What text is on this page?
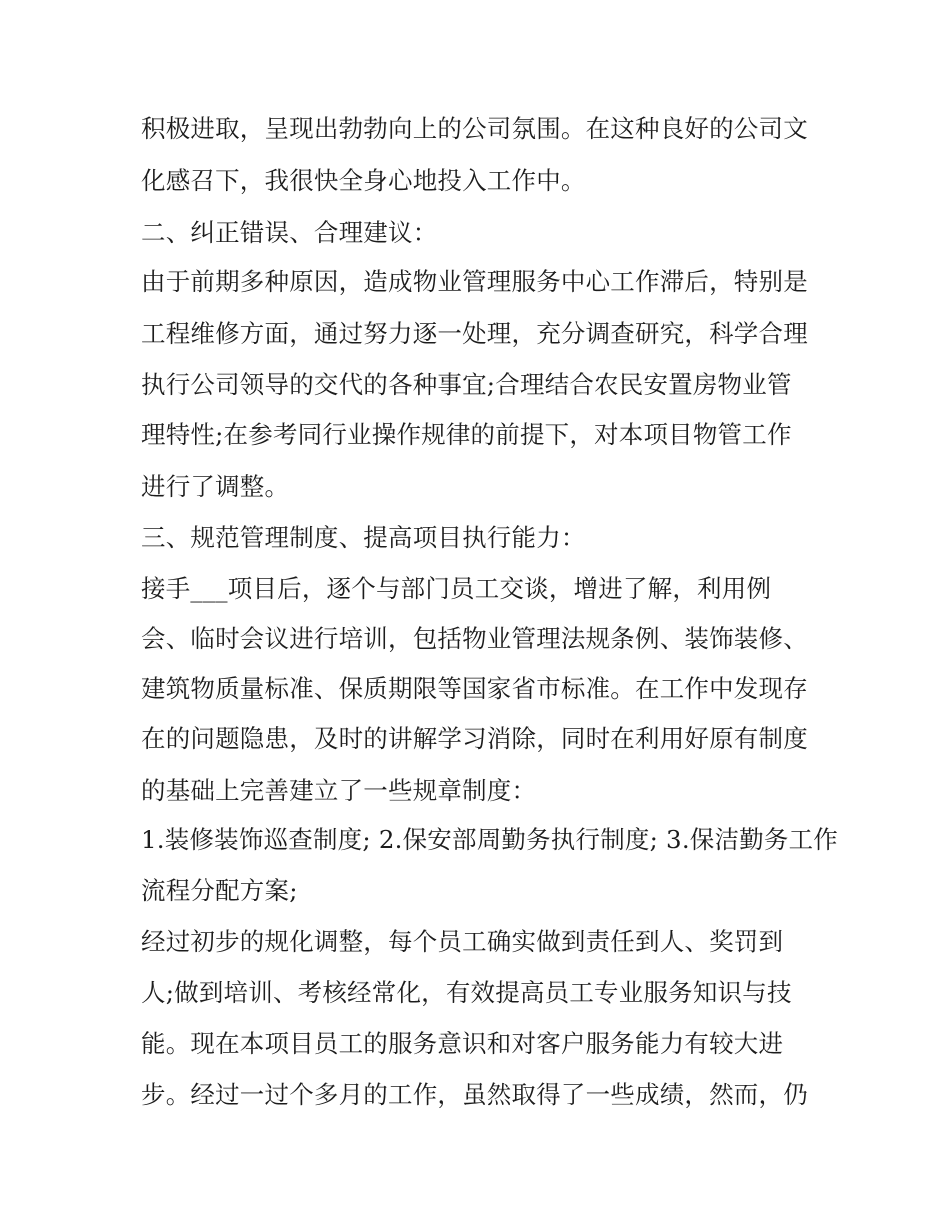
积极进取，呈现出勃勃向上的公司氛围。在这种良好的公司文
化感召下，我很快全身心地投入工作中。
二、纠正错误、合理建议：
由于前期多种原因，造成物业管理服务中心工作滞后，特别是
工程维修方面，通过努力逐一处理，充分调查研究，科学合理
执行公司领导的交代的各种事宜;合理结合农民安置房物业管
理特性;在参考同行业操作规律的前提下，对本项目物管工作
进行了调整。
三、规范管理制度、提高项目执行能力：
接手___项目后，逐个与部门员工交谈，增进了解，利用例
会、临时会议进行培训，包括物业管理法规条例、装饰装修、
建筑物质量标准、保质期限等国家省市标准。在工作中发现存
在的问题隐患，及时的讲解学习消除，同时在利用好原有制度
的基础上完善建立了一些规章制度：
1.装修装饰巡查制度; 2.保安部周勤务执行制度; 3.保洁勤务工作
流程分配方案;
经过初步的规化调整，每个员工确实做到责任到人、奖罚到
人;做到培训、考核经常化，有效提高员工专业服务知识与技
能。现在本项目员工的服务意识和对客户服务能力有较大进
步。经过一过个多月的工作，虽然取得了一些成绩，然而，仍
